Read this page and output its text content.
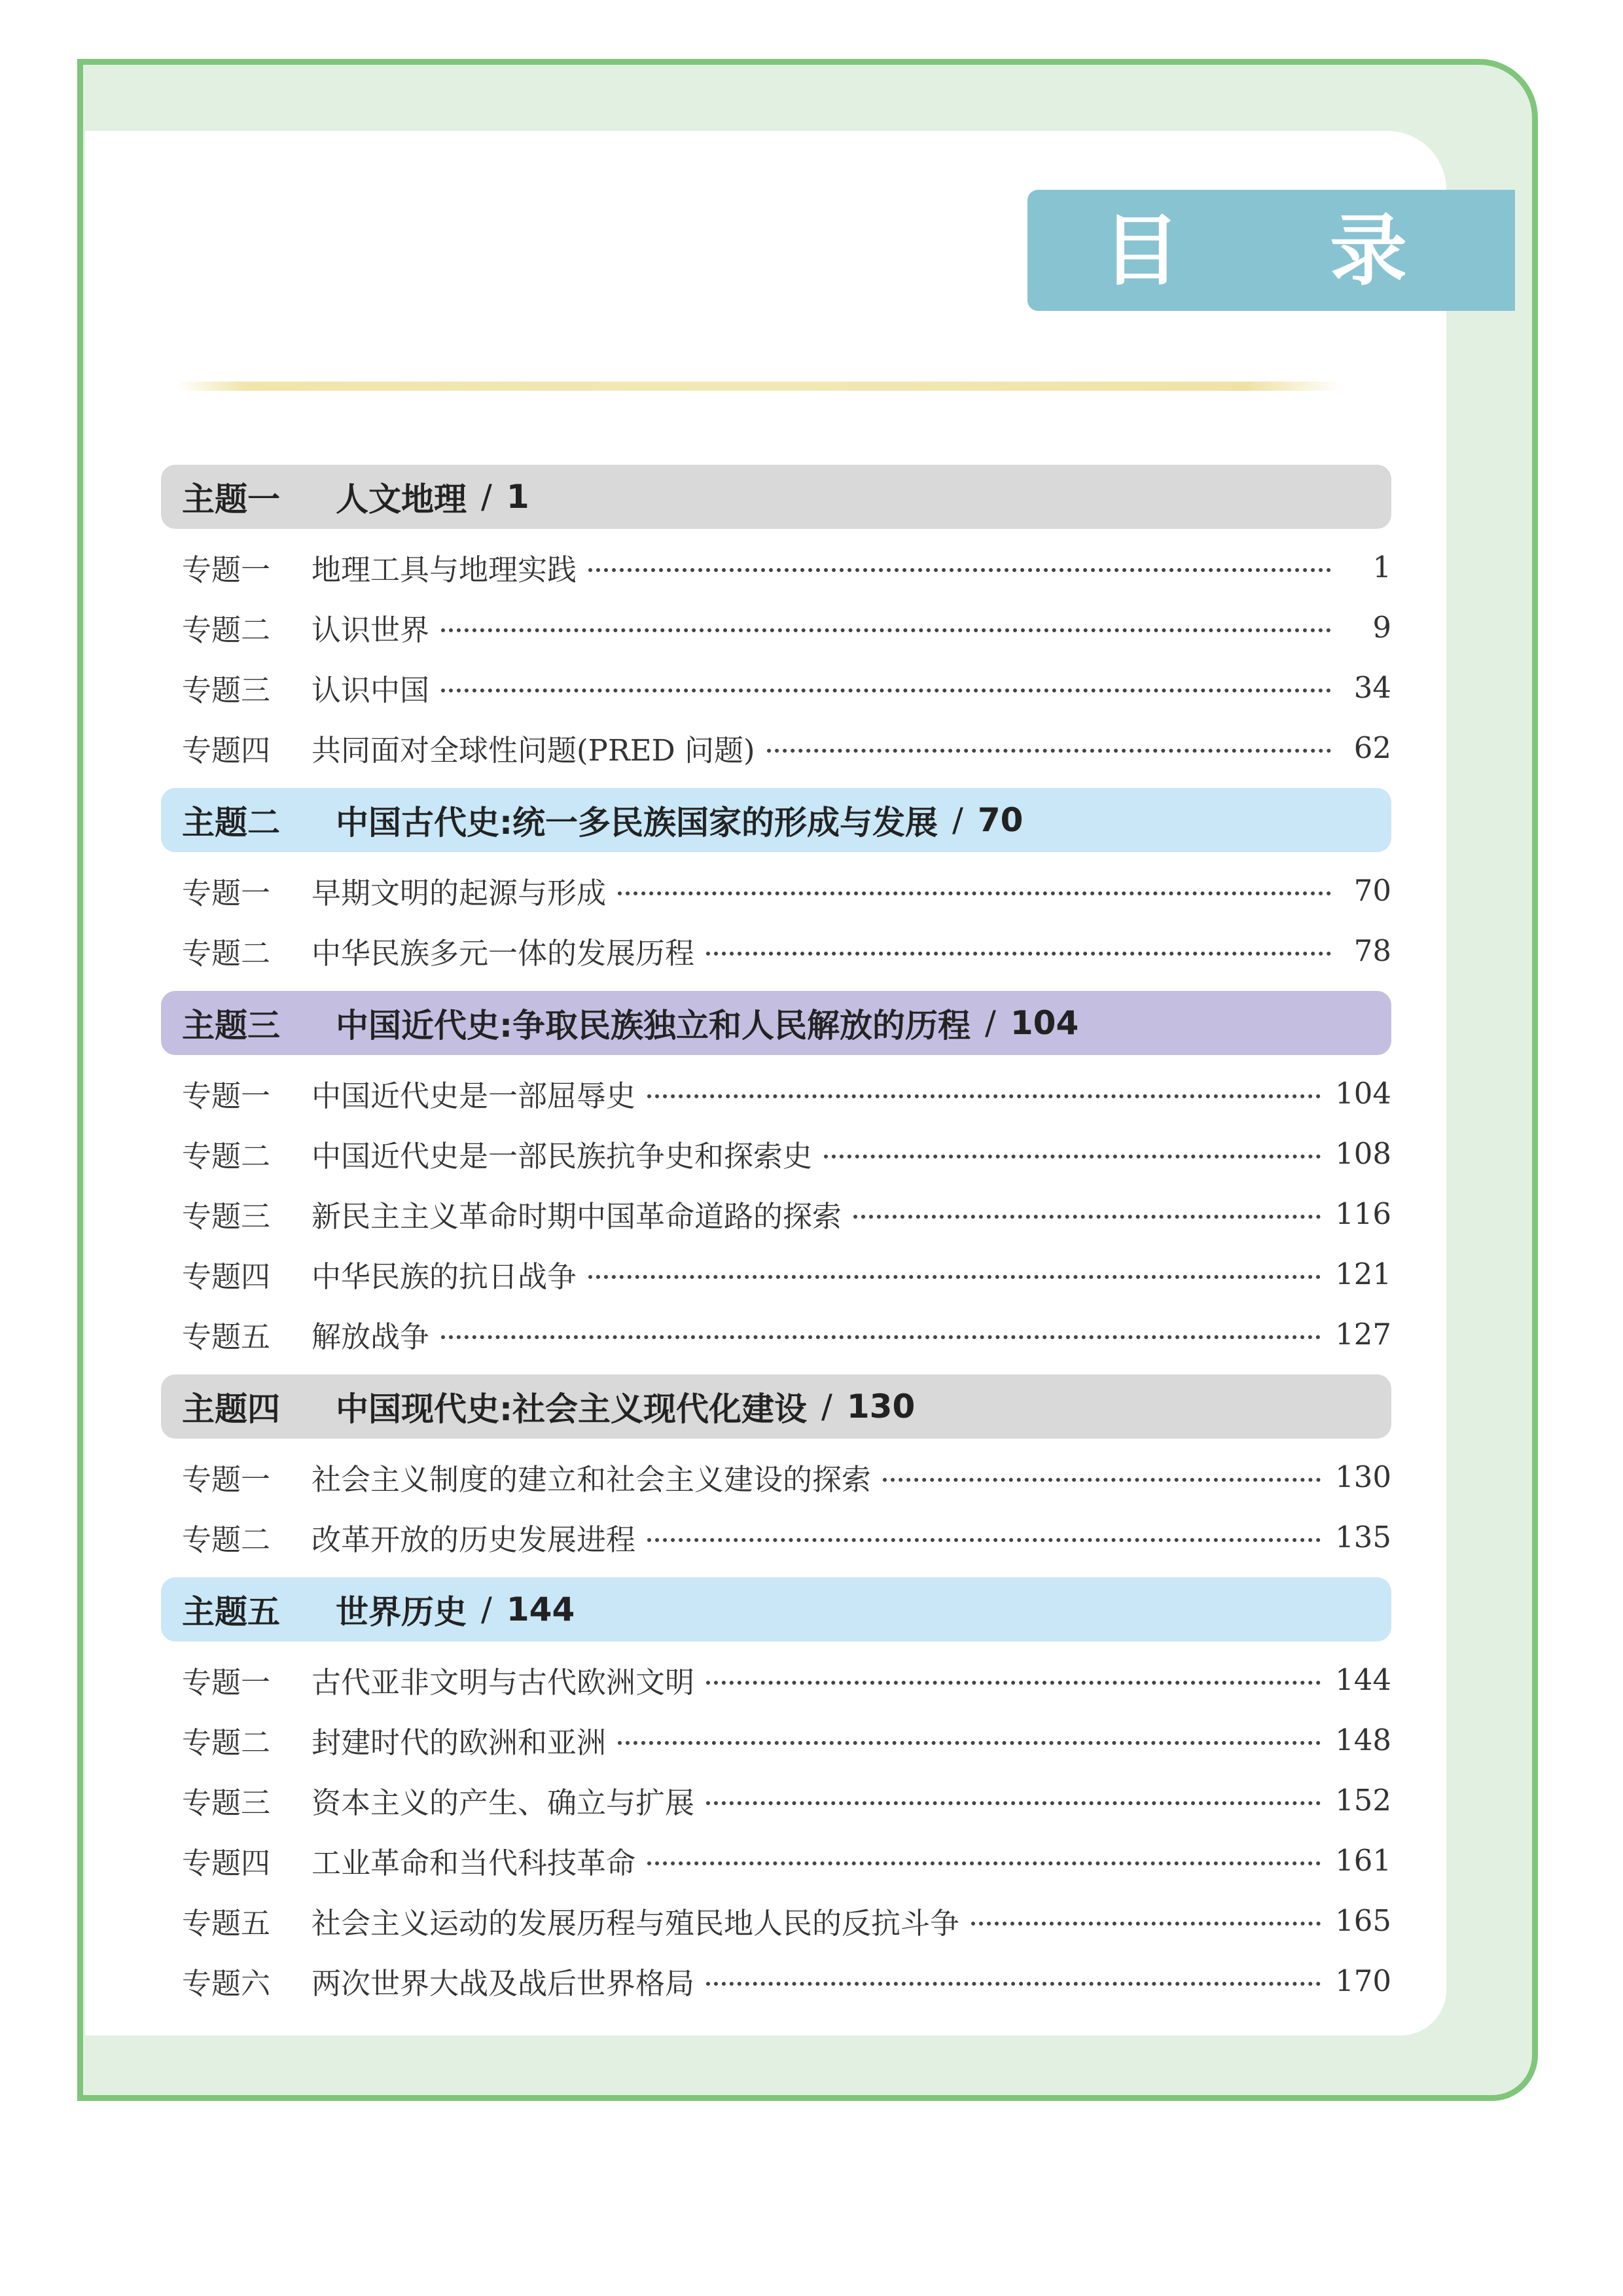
目 录
主题一	人文地理 / 1
专题一	地理工具与地理实践	1
专题二	认识世界	9
专题三	认识中国	34
专题四	共同面对全球性问题(PRED 问题)	62
主题二	中国古代史:统一多民族国家的形成与发展 / 70
专题一	早期文明的起源与形成	70
专题二	中华民族多元一体的发展历程	78
主题三	中国近代史:争取民族独立和人民解放的历程 / 104
专题一	中国近代史是一部屈辱史	104
专题二	中国近代史是一部民族抗争史和探索史	108
专题三	新民主主义革命时期中国革命道路的探索	116
专题四	中华民族的抗日战争	121
专题五	解放战争	127
主题四	中国现代史:社会主义现代化建设 / 130
专题一	社会主义制度的建立和社会主义建设的探索	130
专题二	改革开放的历史发展进程	135
主题五	世界历史 / 144
专题一	古代亚非文明与古代欧洲文明	144
专题二	封建时代的欧洲和亚洲	148
专题三	资本主义的产生、确立与扩展	152
专题四	工业革命和当代科技革命	161
专题五	社会主义运动的发展历程与殖民地人民的反抗斗争	165
专题六	两次世界大战及战后世界格局	170
